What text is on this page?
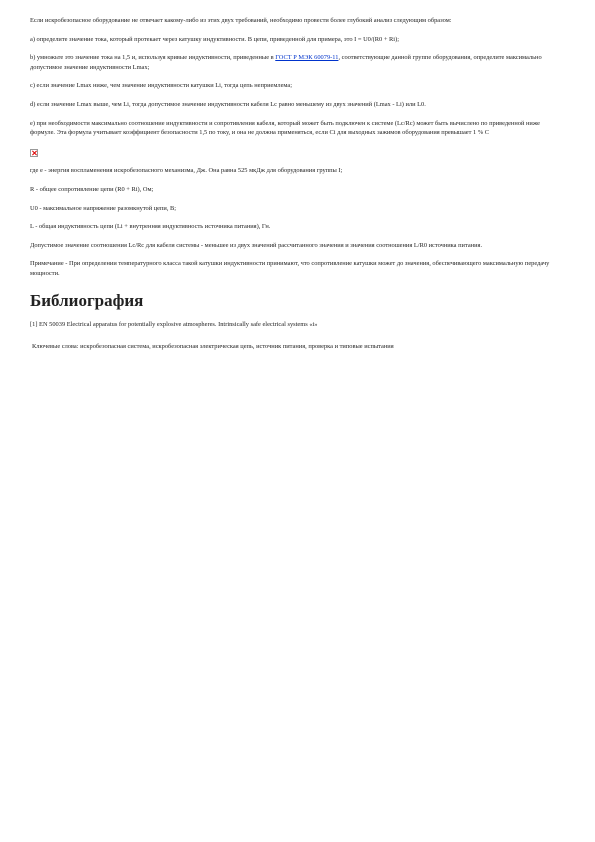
Если искробезопасное оборудование не отвечает какому-либо из этих двух требований, необходимо провести более глубокий анализ следующим образом:

a) определите значение тока, который протекает через катушку индуктивности. В цепи, приведенной для примера, это I = U0/(R0 + Ri);

b) умножьте это значение тока на 1,5 и, используя кривые индуктивности, приведенные в ГОСТ Р МЭК 60079-11, соответствующие данной группе оборудования, определите максимально допустимое значение индуктивности Lmax;

c) если значение Lmax ниже, чем значение индуктивности катушки Li, тогда цепь неприемлема;

d) если значение Lmax выше, чем Li, тогда допустимое значение индуктивности кабеля Lc равно меньшему из двух значений (Lmax - Li) или L0.

e) при необходимости максимально соотношение индуктивности и сопротивления кабеля, который может быть подключен к системе (Lc/Rc) может быть вычислено по приведенной ниже формуле. Эта формула учитывает коэффициент безопасности 1,5 по току, и она не должна применяться, если Ci для выходных зажимов оборудования превышает 1 % C

где e - энергия воспламенения искробезопасного механизма, Дж. Она равна 525 мкДж для оборудования группы I;

R - общее сопротивление цепи (R0 + Ri), Ом;

U0 - максимальное напряжение разомкнутой цепи, В;

L - общая индуктивность цепи (Li + внутренняя индуктивность источника питания), Гн.

Допустимое значение соотношения Lc/Rc для кабеля системы - меньшее из двух значений рассчитанного значения и значения соотношения L/R0 источника питания.

Примечание - При определении температурного класса такой катушки индуктивности принимают, что сопротивление катушки может до значения, обеспечивающего максимальную передачу мощности.

Библиография

[1] EN 50039 Electrical apparatus for potentially explosive atmospheres. Intrinsically safe electrical systems «i»

Ключевые слова: искробезопасная система, искробезопасная электрическая цепь, источник питания, проверка и типовые испытания
